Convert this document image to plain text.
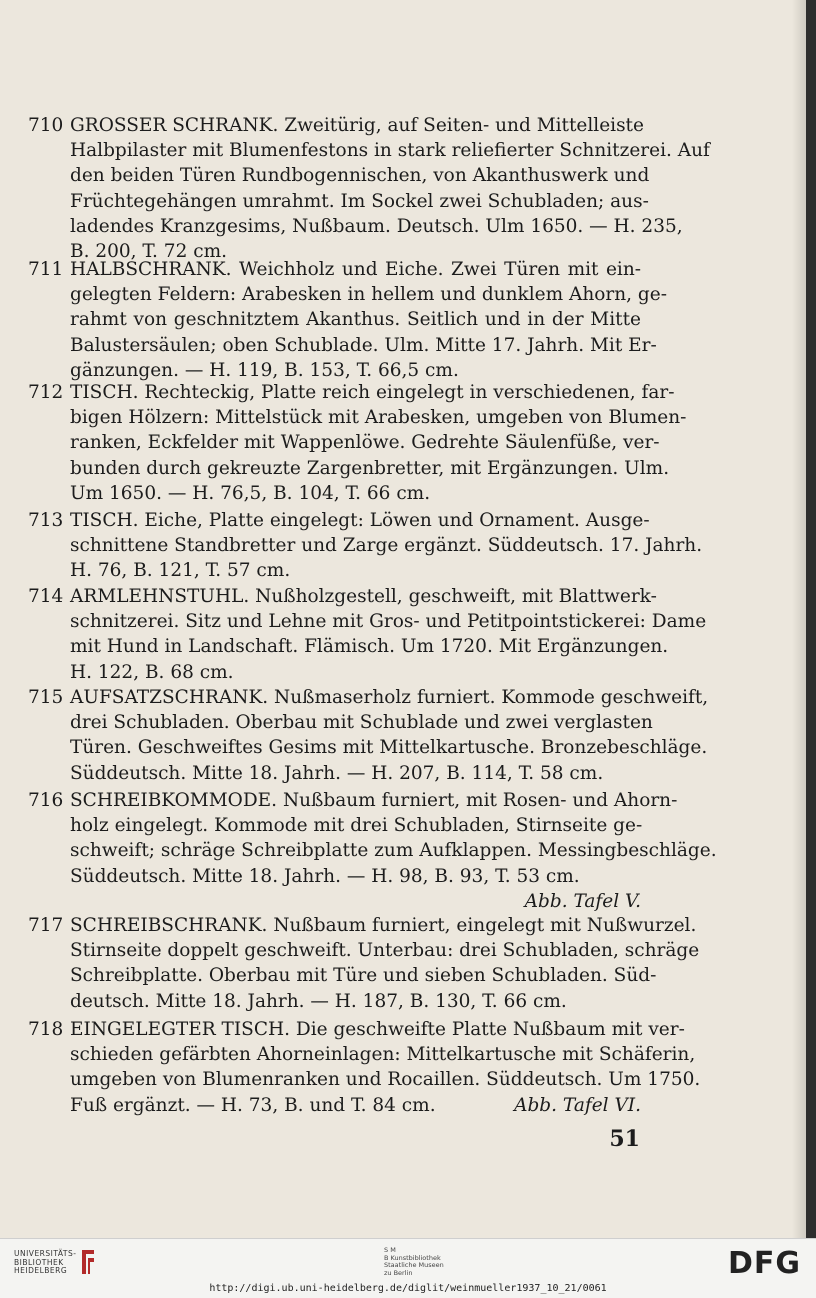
710 GROSSER SCHRANK. Zweitürig, auf Seiten- und Mittelleiste
Halbpilaster mit Blumenfestons in stark reliefierter Schnitzerei. Auf
den beiden Türen Rundbogennischen, von Akanthuswerk und
Früchtegehängen umrahmt. Im Sockel zwei Schubladen; aus-
ladendes Kranzgesims, Nußbaum. Deutsch. Ulm 1650. — H. 235,
B. 200, T. 72 cm.
711 HALBSCHRANK. Weichholz und Eiche. Zwei Türen mit ein-
gelegten Feldern: Arabesken in hellem und dunklem Ahorn, ge-
rahmt von geschnitztem Akanthus. Seitlich und in der Mitte
Balustersäulen; oben Schublade. Ulm. Mitte 17. Jahrh. Mit Er-
gänzungen. — H. 119, B. 153, T. 66,5 cm.
712 TISCH. Rechteckig, Platte reich eingelegt in verschiedenen, far-
bigen Hölzern: Mittelstück mit Arabesken, umgeben von Blumen-
ranken, Eckfelder mit Wappenlöwe. Gedrehte Säulenfüße, ver-
bunden durch gekreuzte Zargenbretter, mit Ergänzungen. Ulm.
Um 1650. — H. 76,5, B. 104, T. 66 cm.
713 TISCH. Eiche, Platte eingelegt: Löwen und Ornament. Ausge-
schnittene Standbretter und Zarge ergänzt. Süddeutsch. 17. Jahrh.
H. 76, B. 121, T. 57 cm.
714 ARMLEHNSTUHL. Nußholzgestell, geschweift, mit Blattwerk-
schnitzerei. Sitz und Lehne mit Gros- und Petitpointstickerei: Dame
mit Hund in Landschaft. Flämisch. Um 1720. Mit Ergänzungen.
H. 122, B. 68 cm.
715 AUFSATZSCHRANK. Nußmaserholz furniert. Kommode geschweift,
drei Schubladen. Oberbau mit Schublade und zwei verglasten
Türen. Geschweiftes Gesims mit Mittelkartusche. Bronzebeschläge.
Süddeutsch. Mitte 18. Jahrh. — H. 207, B. 114, T. 58 cm.
716 SCHREIBKOMMODE. Nußbaum furniert, mit Rosen- und Ahorn-
holz eingelegt. Kommode mit drei Schubladen, Stirnseite ge-
schweift; schräge Schreibplatte zum Aufklappen. Messingbeschläge.
Süddeutsch. Mitte 18. Jahrh. — H. 98, B. 93, T. 53 cm.
Abb. Tafel V.
717 SCHREIBSCHRANK. Nußbaum furniert, eingelegt mit Nußwurzel.
Stirnseite doppelt geschweift. Unterbau: drei Schubladen, schräge
Schreibplatte. Oberbau mit Türe und sieben Schubladen. Süd-
deutsch. Mitte 18. Jahrh. — H. 187, B. 130, T. 66 cm.
718 EINGELEGTER TISCH. Die geschweifte Platte Nußbaum mit ver-
schieden gefärbten Ahorneinlagen: Mittelkartusche mit Schäferin,
umgeben von Blumenranken und Rocaillen. Süddeutsch. Um 1750.
Fuß ergänzt. — H. 73, B. und T. 84 cm.	Abb. Tafel VI.
51
UNIVERSITÄTS-
BIBLIOTHEK
HEIDELBERG
S M
B Kunstbibliothek
Staatliche Museen
zu Berlin	DFG
http://digi.ub.uni-heidelberg.de/diglit/weinmueller1937_10_21/0061
